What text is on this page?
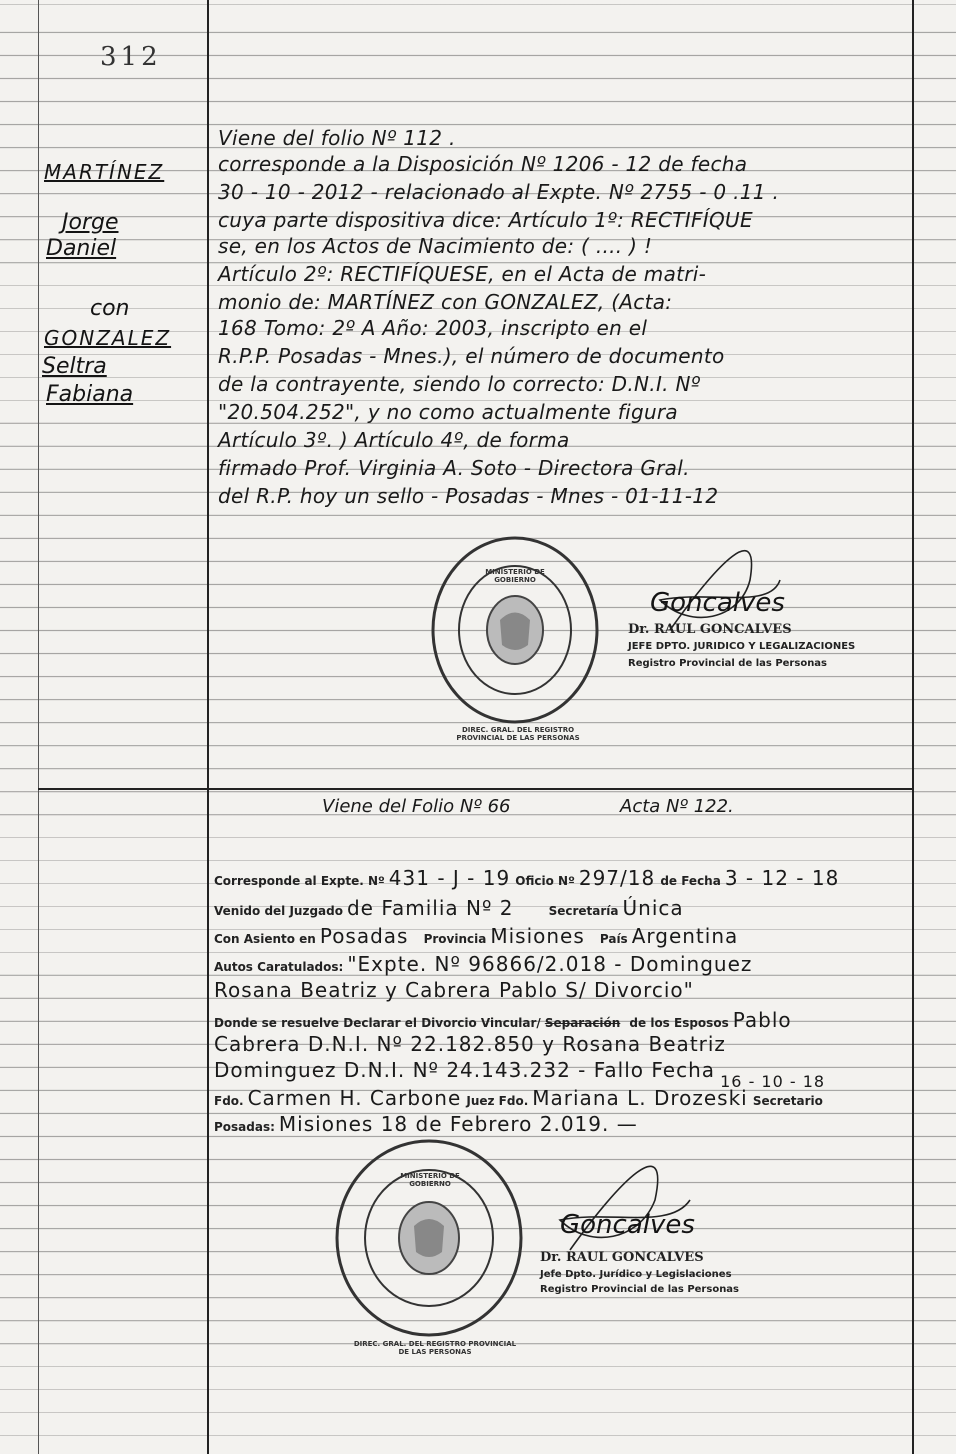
312
MARTÍNEZ
Jorge
Daniel
con
GONZALEZ
Seltra
Fabiana
Viene del folio Nº 112 .
corresponde a la Disposición Nº 1206 - 12 de fecha
30 - 10 - 2012 - relacionado al Expte. Nº 2755 - 0 .11 .
cuya parte dispositiva dice: Artículo 1º: RECTIFÍQUE
se, en los Actos de Nacimiento de: ( .... ) !
Artículo 2º: RECTIFÍQUESE, en el Acta de matri-
monio de: MARTÍNEZ con GONZALEZ, (Acta:
168 Tomo: 2º A Año: 2003, inscripto en el
R.P.P. Posadas - Mnes.), el número de documento
de la contrayente, siendo lo correcto: D.N.I. Nº
"20.504.252", y no como actualmente figura
Artículo 3º. ) Artículo 4º, de forma
firmado Prof. Virginia A. Soto - Directora Gral.
del R.P. hoy un sello - Posadas - Mnes - 01-11-12
DIREC. GRAL. DEL REGISTRO PROVINCIAL DE LAS PERSONAS
MINISTERIO DE GOBIERNO
Goncalves
Dr. RAUL GONCALVES
JEFE DPTO. JURIDICO Y LEGALIZACIONES
Registro Provincial de las Personas
Viene del Folio Nº 66	Acta Nº 122.
Corresponde al Expte. Nº 431 - J - 19 Oficio Nº 297/18 de Fecha 3 - 12 - 18
Venido del Juzgado de Familia Nº 2	Secretaría Única
Con Asiento en Posadas Provincia Misiones País Argentina
Autos Caratulados: "Expte. Nº 96866/2.018 - Dominguez
Rosana Beatriz y Cabrera Pablo S/ Divorcio"
Donde se resuelve Declarar el Divorcio Vincular/ Separación de los Esposos Pablo
Cabrera D.N.I. Nº 22.182.850 y Rosana Beatriz
Dominguez D.N.I. Nº 24.143.232 - Fallo Fecha 16 - 10 - 18
Fdo. Carmen H. Carbone Juez Fdo. Mariana L. Drozeski Secretario
Posadas: Misiones 18 de Febrero 2.019. —
DIREC. GRAL. DEL REGISTRO PROVINCIAL DE LAS PERSONAS
MINISTERIO DE GOBIERNO
Goncalves
Dr. RAUL GONCALVES
Jefe Dpto. Jurídico y Legislaciones
Registro Provincial de las Personas
